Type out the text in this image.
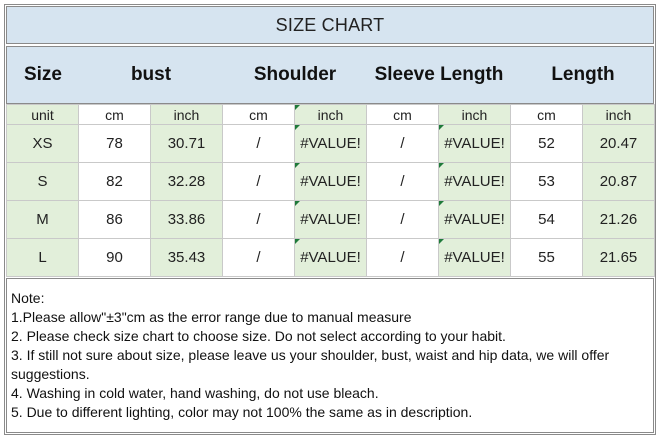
SIZE CHART
Size	bust	Shoulder	Sleeve Length	Length
unit	cm	inch	cm	inch	cm	inch	cm	inch
XS	78	30.71	/	#VALUE!	/	#VALUE!	52	20.47
S	82	32.28	/	#VALUE!	/	#VALUE!	53	20.87
M	86	33.86	/	#VALUE!	/	#VALUE!	54	21.26
L	90	35.43	/	#VALUE!	/	#VALUE!	55	21.65
Note:
1.Please allow"±3"cm as the error range due to manual measure
2. Please check size chart to choose size. Do not select according to your habit.
3. If still not sure about size, please leave us your shoulder, bust, waist and hip data, we will offer suggestions.
4. Washing in cold water, hand washing, do not use bleach.
5. Due to different lighting, color may not 100% the same as in description.
